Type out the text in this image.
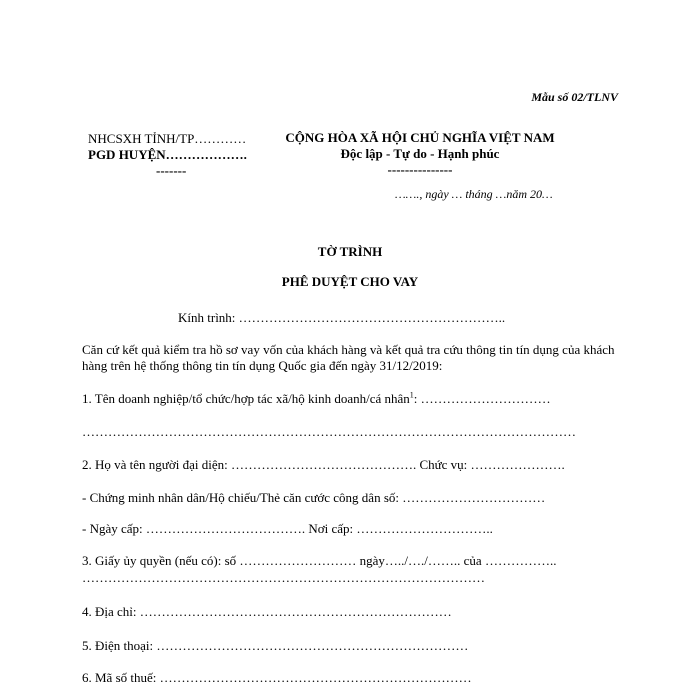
Mẫu số 02/TLNV
NHCSXH TỈNH/TP…………
PGD HUYỆN……………….
-------
CỘNG HÒA XÃ HỘI CHỦ NGHĨA VIỆT NAM
Độc lập - Tự do - Hạnh phúc
---------------
……., ngày … tháng …năm 20…
TỜ TRÌNH
PHÊ DUYỆT CHO VAY
Kính trình: ……………………………………………………..
Căn cứ kết quả kiểm tra hồ sơ vay vốn của khách hàng và kết quả tra cứu thông tin tín dụng của khách hàng trên hệ thống thông tin tín dụng Quốc gia đến ngày 31/12/2019:
1. Tên doanh nghiệp/tổ chức/hợp tác xã/hộ kinh doanh/cá nhân$^1$: …………………………
……………………………………………………………………………………………………
2. Họ và tên người đại diện: ……………………………………. Chức vụ: ………………….
- Chứng minh nhân dân/Hộ chiếu/Thẻ căn cước công dân số: ……………………………
- Ngày cấp: ………………………………. Nơi cấp: …………………………..
3. Giấy ủy quyền (nếu có): số ……………………… ngày…../…./…….. của ……………..
…………………………………………………………………………………
4. Địa chỉ: ………………………………………………………………
5. Điện thoại: ………………………………………………………………
6. Mã số thuế: ………………………………………………………………
